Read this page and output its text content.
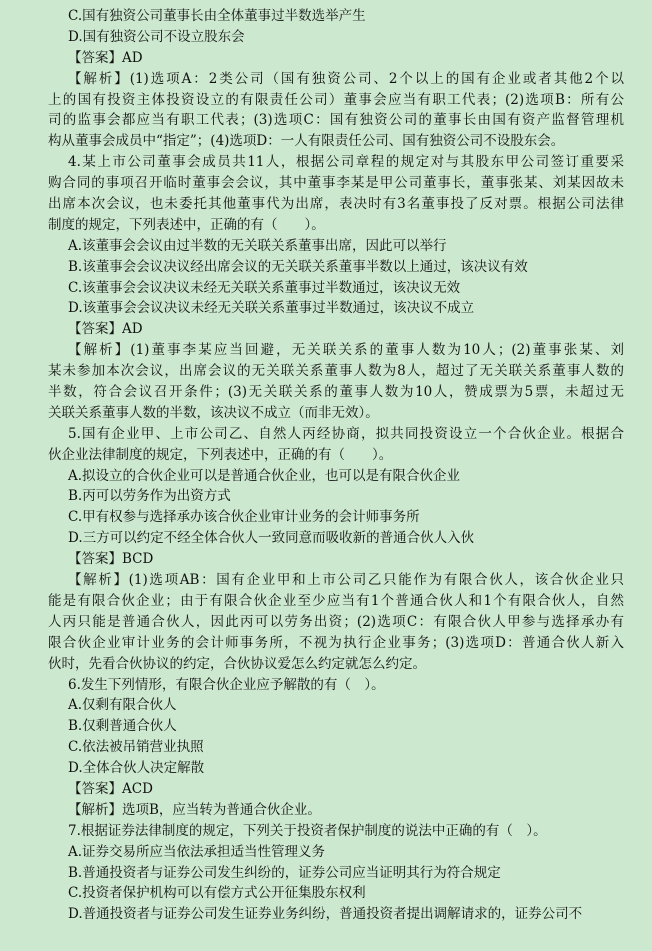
C.国有独资公司董事长由全体董事过半数选举产生
D.国有独资公司不设立股东会
【答案】AD
【解析】(1)选项A：2类公司（国有独资公司、2个以上的国有企业或者其他2个以
上的国有投资主体投资设立的有限责任公司）董事会应当有职工代表；(2)选项B：所有公
司的监事会都应当有职工代表；(3)选项C：国有独资公司的董事长由国有资产监督管理机
构从董事会成员中“指定”；(4)选项D：一人有限责任公司、国有独资公司不设股东会。
4.某上市公司董事会成员共11人，根据公司章程的规定对与其股东甲公司签订重要采
购合同的事项召开临时董事会会议，其中董事李某是甲公司董事长，董事张某、刘某因故未
出席本次会议，也未委托其他董事代为出席，表决时有3名董事投了反对票。根据公司法律
制度的规定，下列表述中，正确的有（　　）。
A.该董事会会议由过半数的无关联关系董事出席，因此可以举行
B.该董事会会议决议经出席会议的无关联关系董事半数以上通过，该决议有效
C.该董事会会议决议未经无关联关系董事过半数通过，该决议无效
D.该董事会会议决议未经无关联关系董事过半数通过，该决议不成立
【答案】AD
【解析】(1)董事李某应当回避，无关联关系的董事人数为10人；(2)董事张某、刘
某未参加本次会议，出席会议的无关联关系董事人数为8人，超过了无关联关系董事人数的
半数，符合会议召开条件；(3)无关联关系的董事人数为10人，赞成票为5票，未超过无
关联关系董事人数的半数，该决议不成立（而非无效）。
5.国有企业甲、上市公司乙、自然人丙经协商，拟共同投资设立一个合伙企业。根据合
伙企业法律制度的规定，下列表述中，正确的有（　　）。
A.拟设立的合伙企业可以是普通合伙企业，也可以是有限合伙企业
B.丙可以劳务作为出资方式
C.甲有权参与选择承办该合伙企业审计业务的会计师事务所
D.三方可以约定不经全体合伙人一致同意而吸收新的普通合伙人入伙
【答案】BCD
【解析】(1)选项AB：国有企业甲和上市公司乙只能作为有限合伙人，该合伙企业只
能是有限合伙企业；由于有限合伙企业至少应当有1个普通合伙人和1个有限合伙人，自然
人丙只能是普通合伙人，因此丙可以劳务出资；(2)选项C：有限合伙人甲参与选择承办有
限合伙企业审计业务的会计师事务所，不视为执行企业事务；(3)选项D：普通合伙人新入
伙时，先看合伙协议的约定，合伙协议爱怎么约定就怎么约定。
6.发生下列情形，有限合伙企业应予解散的有（　）。
A.仅剩有限合伙人
B.仅剩普通合伙人
C.依法被吊销营业执照
D.全体合伙人决定解散
【答案】ACD
【解析】选项B，应当转为普通合伙企业。
7.根据证券法律制度的规定，下列关于投资者保护制度的说法中正确的有（　）。
A.证券交易所应当依法承担适当性管理义务
B.普通投资者与证券公司发生纠纷的，证券公司应当证明其行为符合规定
C.投资者保护机构可以有偿方式公开征集股东权利
D.普通投资者与证券公司发生证券业务纠纷，普通投资者提出调解请求的，证券公司不
